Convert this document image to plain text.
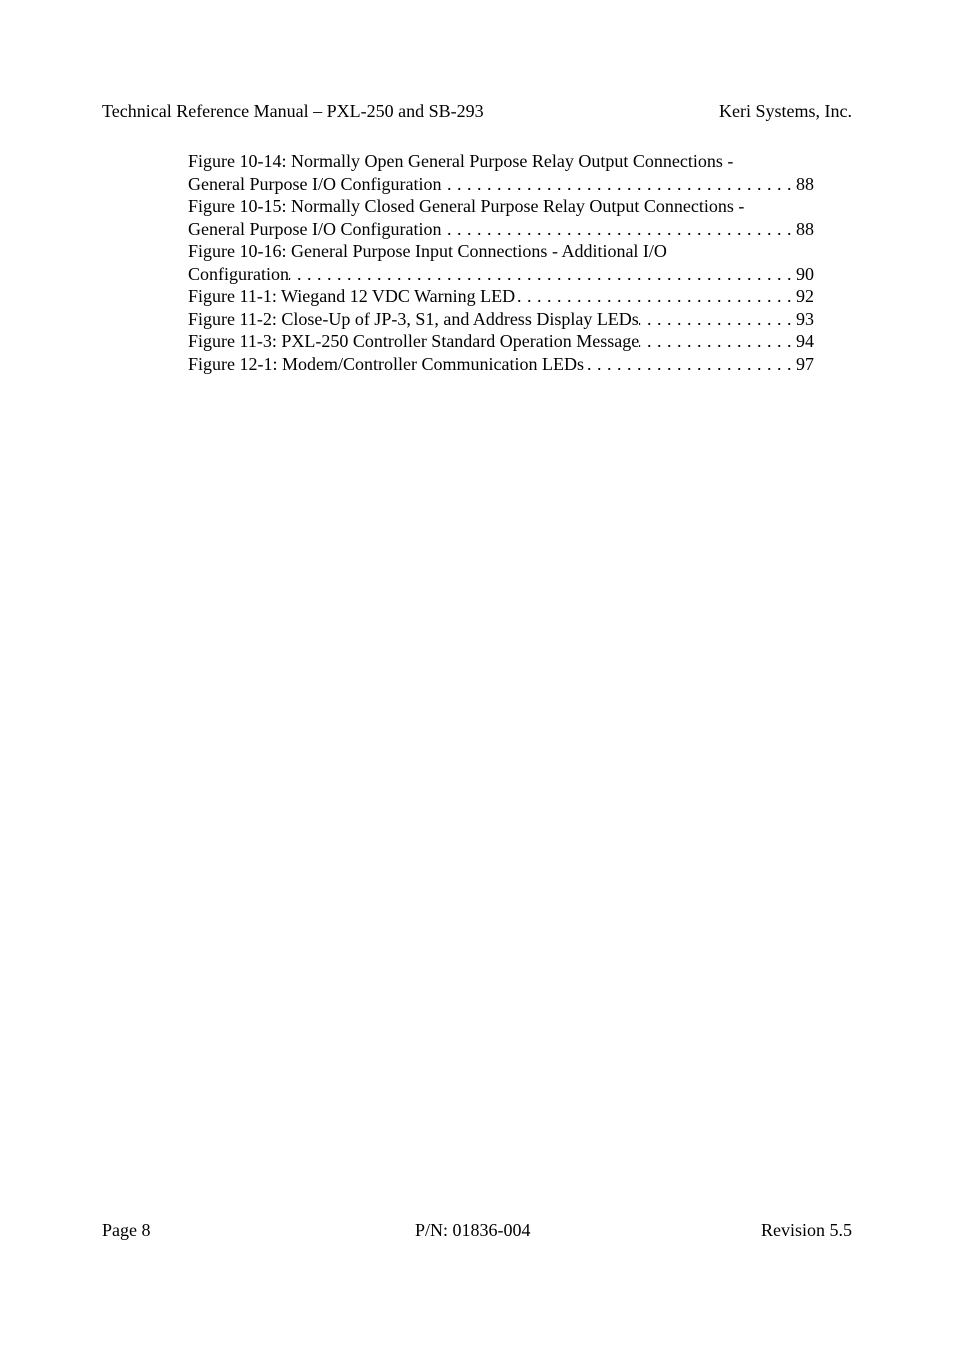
Technical Reference Manual – PXL-250 and SB-293	Keri Systems, Inc.
Figure 10-14: Normally Open General Purpose Relay Output Connections -
General Purpose I/O Configuration . . .	88
Figure 10-15: Normally Closed General Purpose Relay Output Connections -
General Purpose I/O Configuration . . .	88
Figure 10-16: General Purpose Input Connections - Additional I/O
Configuration . . .	90
Figure 11-1: Wiegand 12 VDC Warning LED . . .	92
Figure 11-2: Close-Up of JP-3, S1, and Address Display LEDs . . .	93
Figure 11-3: PXL-250 Controller Standard Operation Message . . .	94
Figure 12-1: Modem/Controller Communication LEDs . . .	97
Page 8	P/N: 01836-004	Revision 5.5
